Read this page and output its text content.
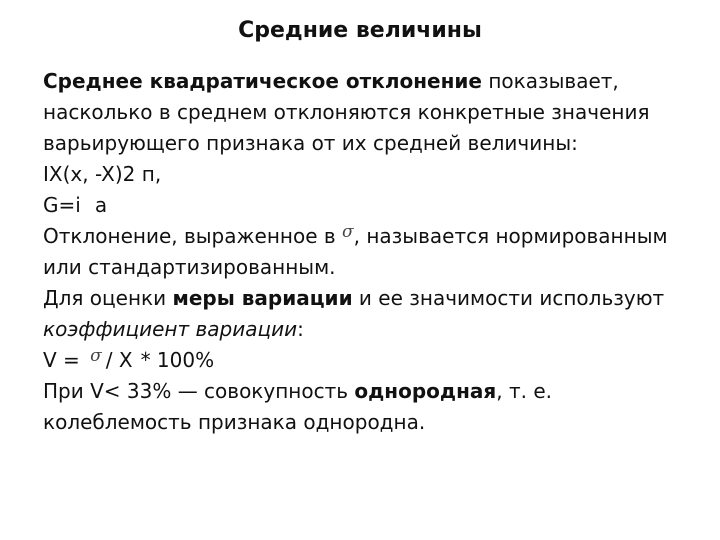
Средние величины

Среднее квадратическое отклонение показывает, насколько в среднем отклоняются конкретные значения варьирующего признака от их средней величины:

IX(x, -X)2 п,

G=i a

Отклонение, выраженное в σ, называется нормированным или стандартизированным.

Для оценки меры вариации и ее значимости используют коэффициент вариации:

V = σ / X * 100%

При V< 33% — совокупность однородная, т. е. колеблемость признака однородна.
